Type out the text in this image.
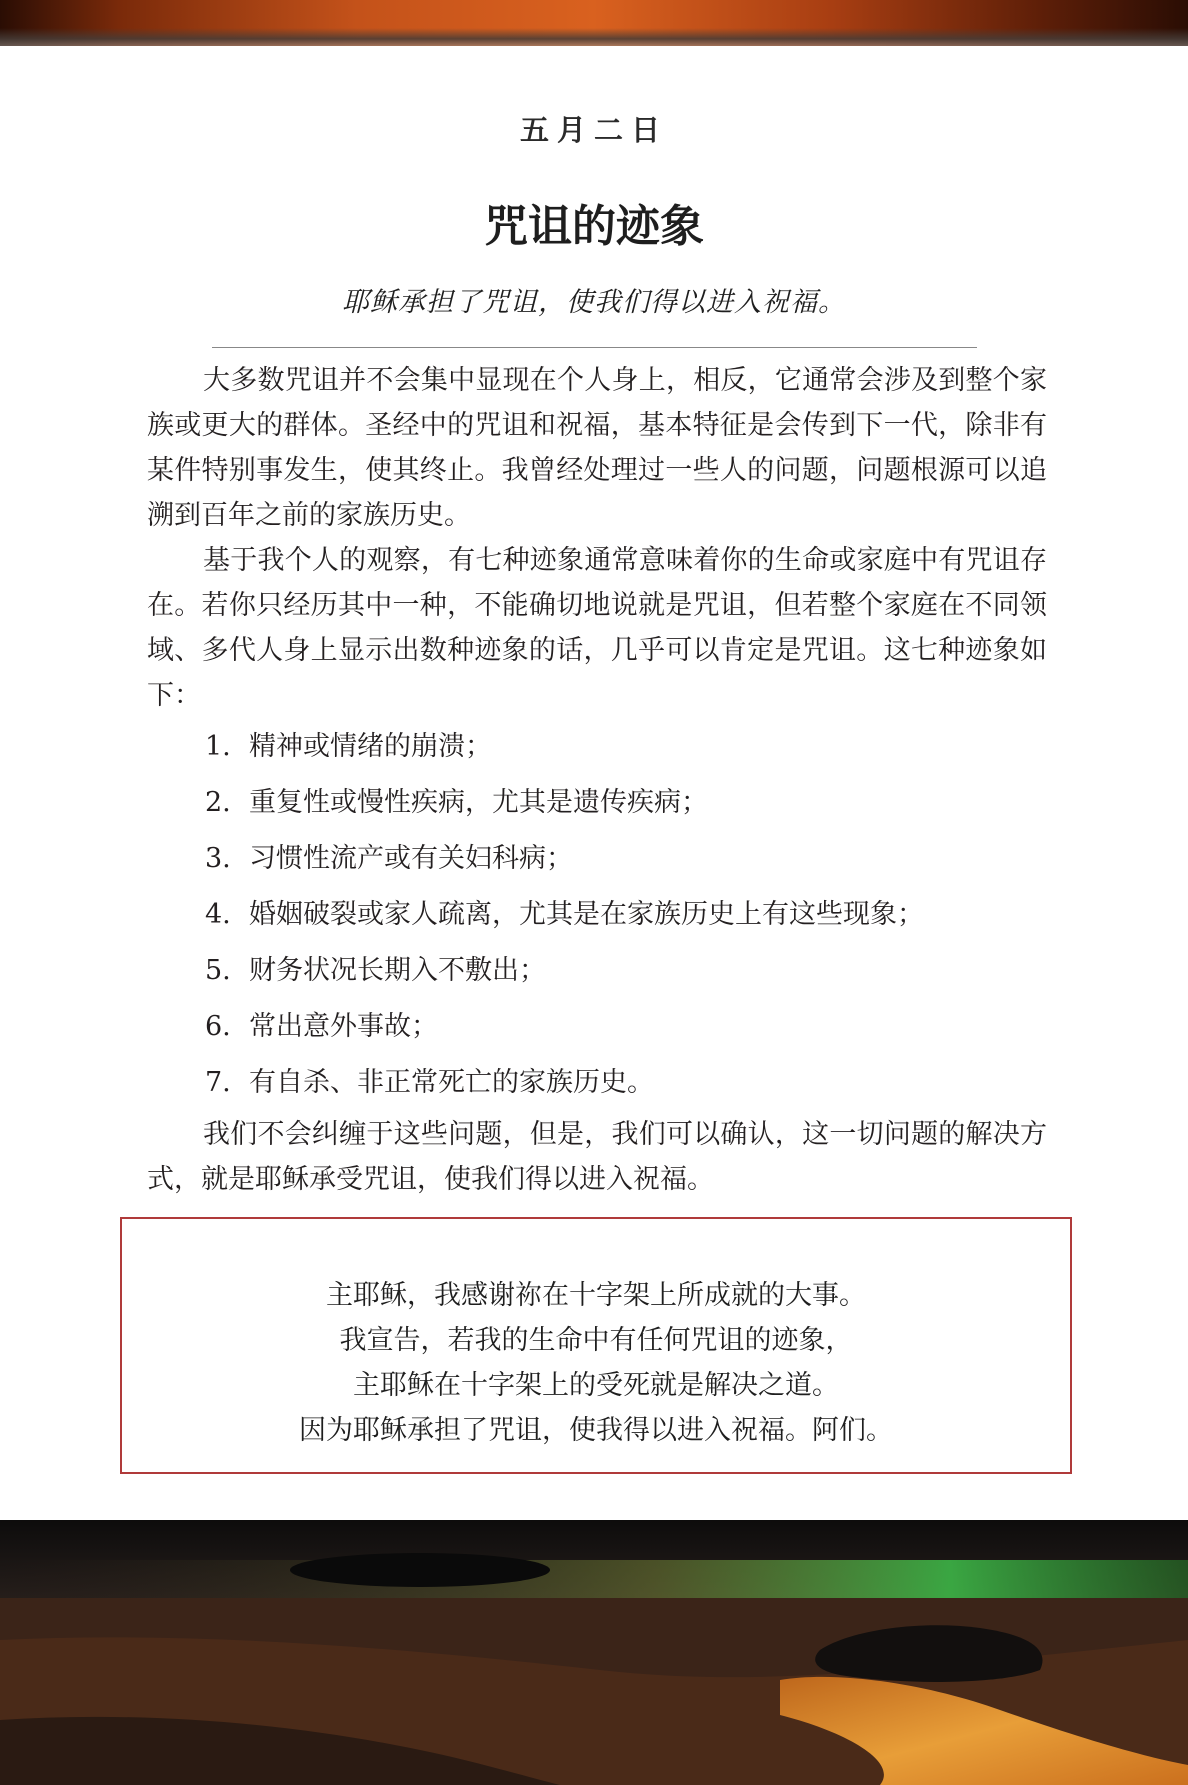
五月二日
咒诅的迹象
耶稣承担了咒诅，使我们得以进入祝福。

大多数咒诅并不会集中显现在个人身上，相反，它通常会涉及到整个家族或更大的群体。圣经中的咒诅和祝福，基本特征是会传到下一代，除非有某件特别事发生，使其终止。我曾经处理过一些人的问题，问题根源可以追溯到百年之前的家族历史。

基于我个人的观察，有七种迹象通常意味着你的生命或家庭中有咒诅存在。若你只经历其中一种，不能确切地说就是咒诅，但若整个家庭在不同领域、多代人身上显示出数种迹象的话，几乎可以肯定是咒诅。这七种迹象如下：

1. 精神或情绪的崩溃；
2. 重复性或慢性疾病，尤其是遗传疾病；
3. 习惯性流产或有关妇科病；
4. 婚姻破裂或家人疏离，尤其是在家族历史上有这些现象；
5. 财务状况长期入不敷出；
6. 常出意外事故；
7. 有自杀、非正常死亡的家族历史。

我们不会纠缠于这些问题，但是，我们可以确认，这一切问题的解决方式，就是耶稣承受咒诅，使我们得以进入祝福。

主耶稣，我感谢祢在十字架上所成就的大事。
我宣告，若我的生命中有任何咒诅的迹象，
主耶稣在十字架上的受死就是解决之道。
因为耶稣承担了咒诅，使我得以进入祝福。阿们。
